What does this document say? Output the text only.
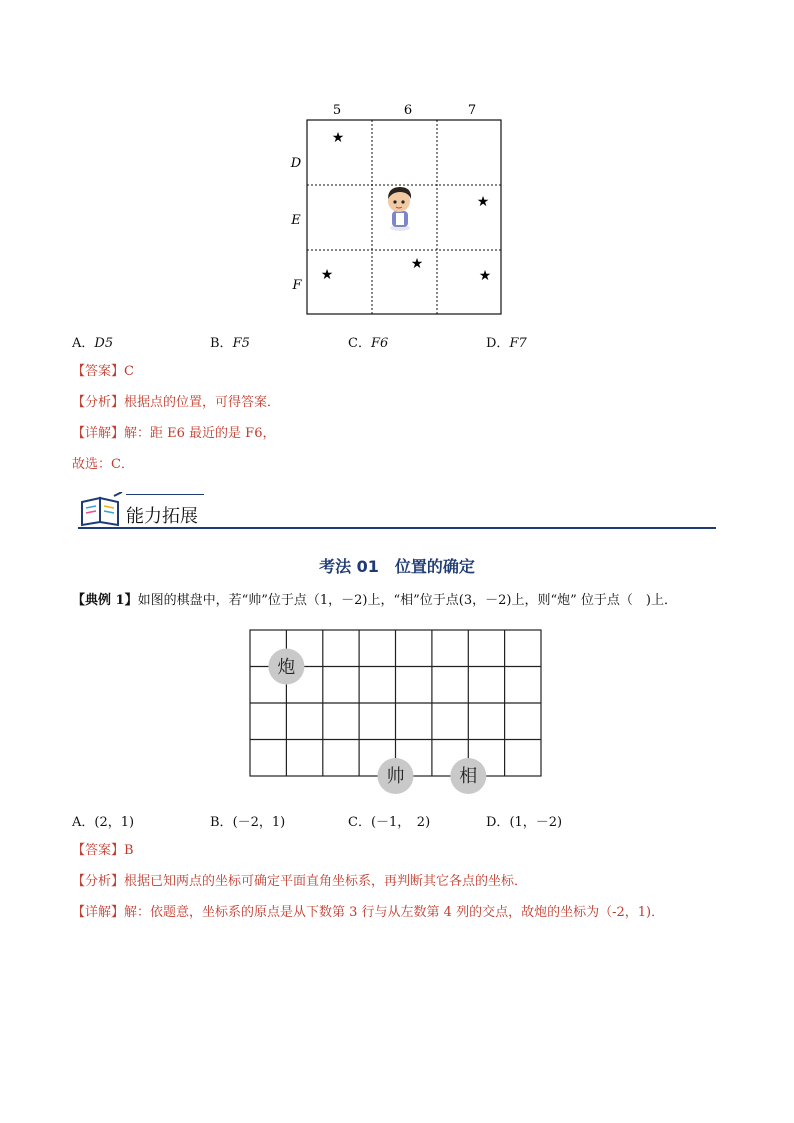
5	6	7
D
E
F
★
★
★
★
★
A．D5	B．F5	C．F6	D．F7
【答案】C
【分析】根据点的位置，可得答案．
【详解】解：距 E6 最近的是 F6，
故选：C．
能力拓展
考法 01　位置的确定
【典例 1】如图的棋盘中，若“帅”位于点（1，－2)上，“相”位于点(3，－2)上，则“炮” 位于点（　)上．
炮
帅	相
A．(2，1)	B．(－2，1)	C．(－1，　2)	D．(1，－2)
【答案】B
【分析】根据已知两点的坐标可确定平面直角坐标系，再判断其它各点的坐标．
【详解】解：依题意，坐标系的原点是从下数第 3 行与从左数第 4 列的交点，故炮的坐标为（-2，1)．
